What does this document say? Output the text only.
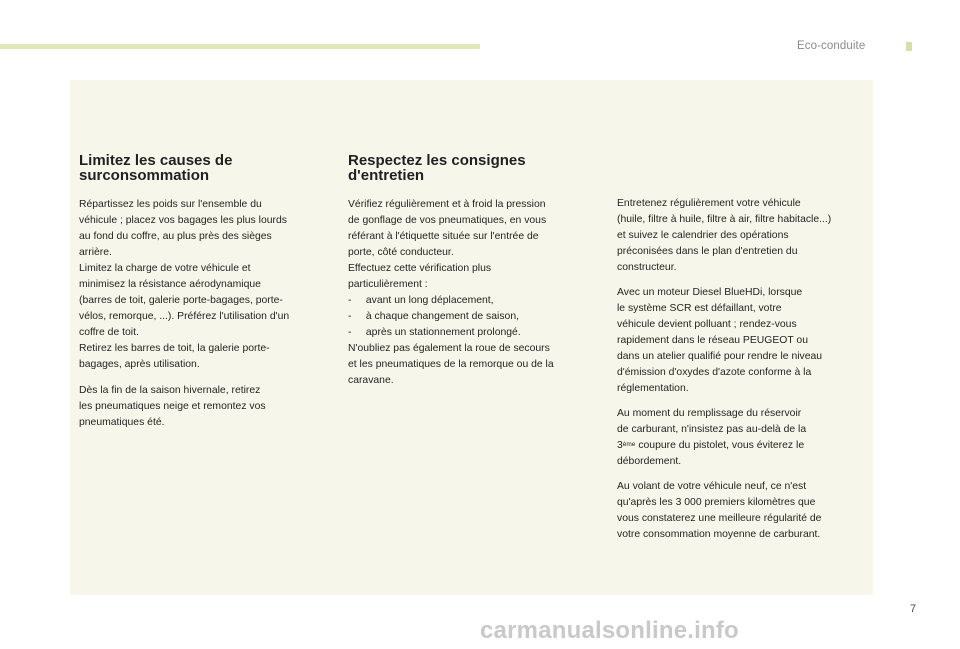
Eco-conduite
Limitez les causes de surconsommation

Répartissez les poids sur l'ensemble du
véhicule ; placez vos bagages les plus lourds
au fond du coffre, au plus près des sièges
arrière.
Limitez la charge de votre véhicule et
minimisez la résistance aérodynamique
(barres de toit, galerie porte-bagages, porte-
vélos, remorque, ...). Préférez l'utilisation d'un
coffre de toit.
Retirez les barres de toit, la galerie porte-
bagages, après utilisation.

Dès la fin de la saison hivernale, retirez
les pneumatiques neige et remontez vos
pneumatiques été.

Respectez les consignes d'entretien

Vérifiez régulièrement et à froid la pression
de gonflage de vos pneumatiques, en vous
référant à l'étiquette située sur l'entrée de
porte, côté conducteur.
Effectuez cette vérification plus
particulièrement :
-     avant un long déplacement,
-     à chaque changement de saison,
-     après un stationnement prolongé.
N'oubliez pas également la roue de secours
et les pneumatiques de la remorque ou de la
caravane.

Entretenez régulièrement votre véhicule
(huile, filtre à huile, filtre à air, filtre habitacle...)
et suivez le calendrier des opérations
préconisées dans le plan d'entretien du
constructeur.

Avec un moteur Diesel BlueHDi, lorsque
le système SCR est défaillant, votre
véhicule devient polluant ; rendez-vous
rapidement dans le réseau PEUGEOT ou
dans un atelier qualifié pour rendre le niveau
d'émission d'oxydes d'azote conforme à la
réglementation.

Au moment du remplissage du réservoir
de carburant, n'insistez pas au-delà de la
3ème coupure du pistolet, vous éviterez le
débordement.

Au volant de votre véhicule neuf, ce n'est
qu'après les 3 000 premiers kilomètres que
vous constaterez une meilleure régularité de
votre consommation moyenne de carburant.

7
carmanualsonline.info
